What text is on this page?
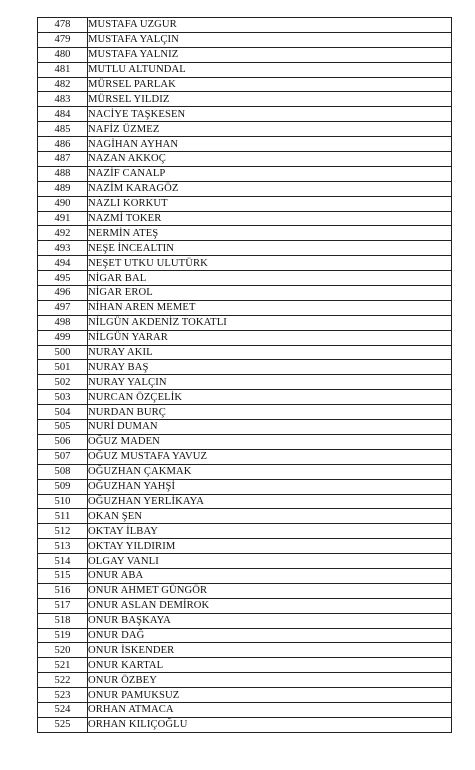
478	MUSTAFA UZGUR
479	MUSTAFA YALÇIN
480	MUSTAFA YALNIZ
481	MUTLU ALTUNDAL
482	MÜRSEL PARLAK
483	MÜRSEL YILDIZ
484	NACİYE TAŞKESEN
485	NAFİZ ÜZMEZ
486	NAGİHAN AYHAN
487	NAZAN AKKOÇ
488	NAZİF CANALP
489	NAZİM KARAGÖZ
490	NAZLI KORKUT
491	NAZMİ TOKER
492	NERMİN ATEŞ
493	NEŞE İNCEALTIN
494	NEŞET UTKU ULUTÜRK
495	NİGAR BAL
496	NİGAR EROL
497	NİHAN AREN MEMET
498	NİLGÜN AKDENİZ TOKATLI
499	NİLGÜN YARAR
500	NURAY AKIL
501	NURAY BAŞ
502	NURAY YALÇIN
503	NURCAN ÖZÇELİK
504	NURDAN BURÇ
505	NURİ DUMAN
506	OĞUZ MADEN
507	OĞUZ MUSTAFA YAVUZ
508	OĞUZHAN ÇAKMAK
509	OĞUZHAN YAHŞİ
510	OĞUZHAN YERLİKAYA
511	OKAN ŞEN
512	OKTAY İLBAY
513	OKTAY YILDIRIM
514	OLGAY VANLI
515	ONUR ABA
516	ONUR AHMET GÜNGÖR
517	ONUR ASLAN DEMİROK
518	ONUR BAŞKAYA
519	ONUR DAĞ
520	ONUR İSKENDER
521	ONUR KARTAL
522	ONUR ÖZBEY
523	ONUR PAMUKSUZ
524	ORHAN ATMACA
525	ORHAN KILIÇOĞLU
